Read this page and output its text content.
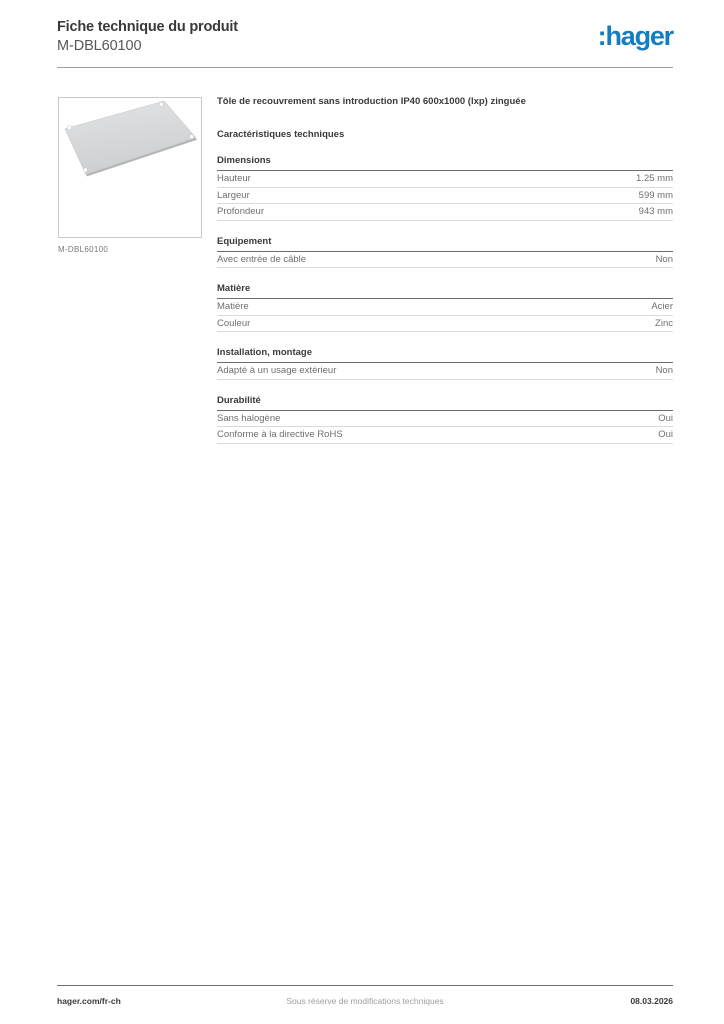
Fiche technique du produit
M-DBL60100	:hager
M-DBL60100

Tôle de recouvrement sans introduction IP40 600x1000 (lxp) zinguée

Caractéristiques techniques
Dimensions
Hauteur	1.25 mm
Largeur	599 mm
Profondeur	943 mm
Equipement
Avec entrée de câble	Non
Matière
Matière	Acier
Couleur	Zinc
Installation, montage
Adapté à un usage extérieur	Non
Durabilité
Sans halogène	Oui
Conforme à la directive RoHS	Oui
hager.com/fr-ch	Sous réserve de modifications techniques	08.03.2026
